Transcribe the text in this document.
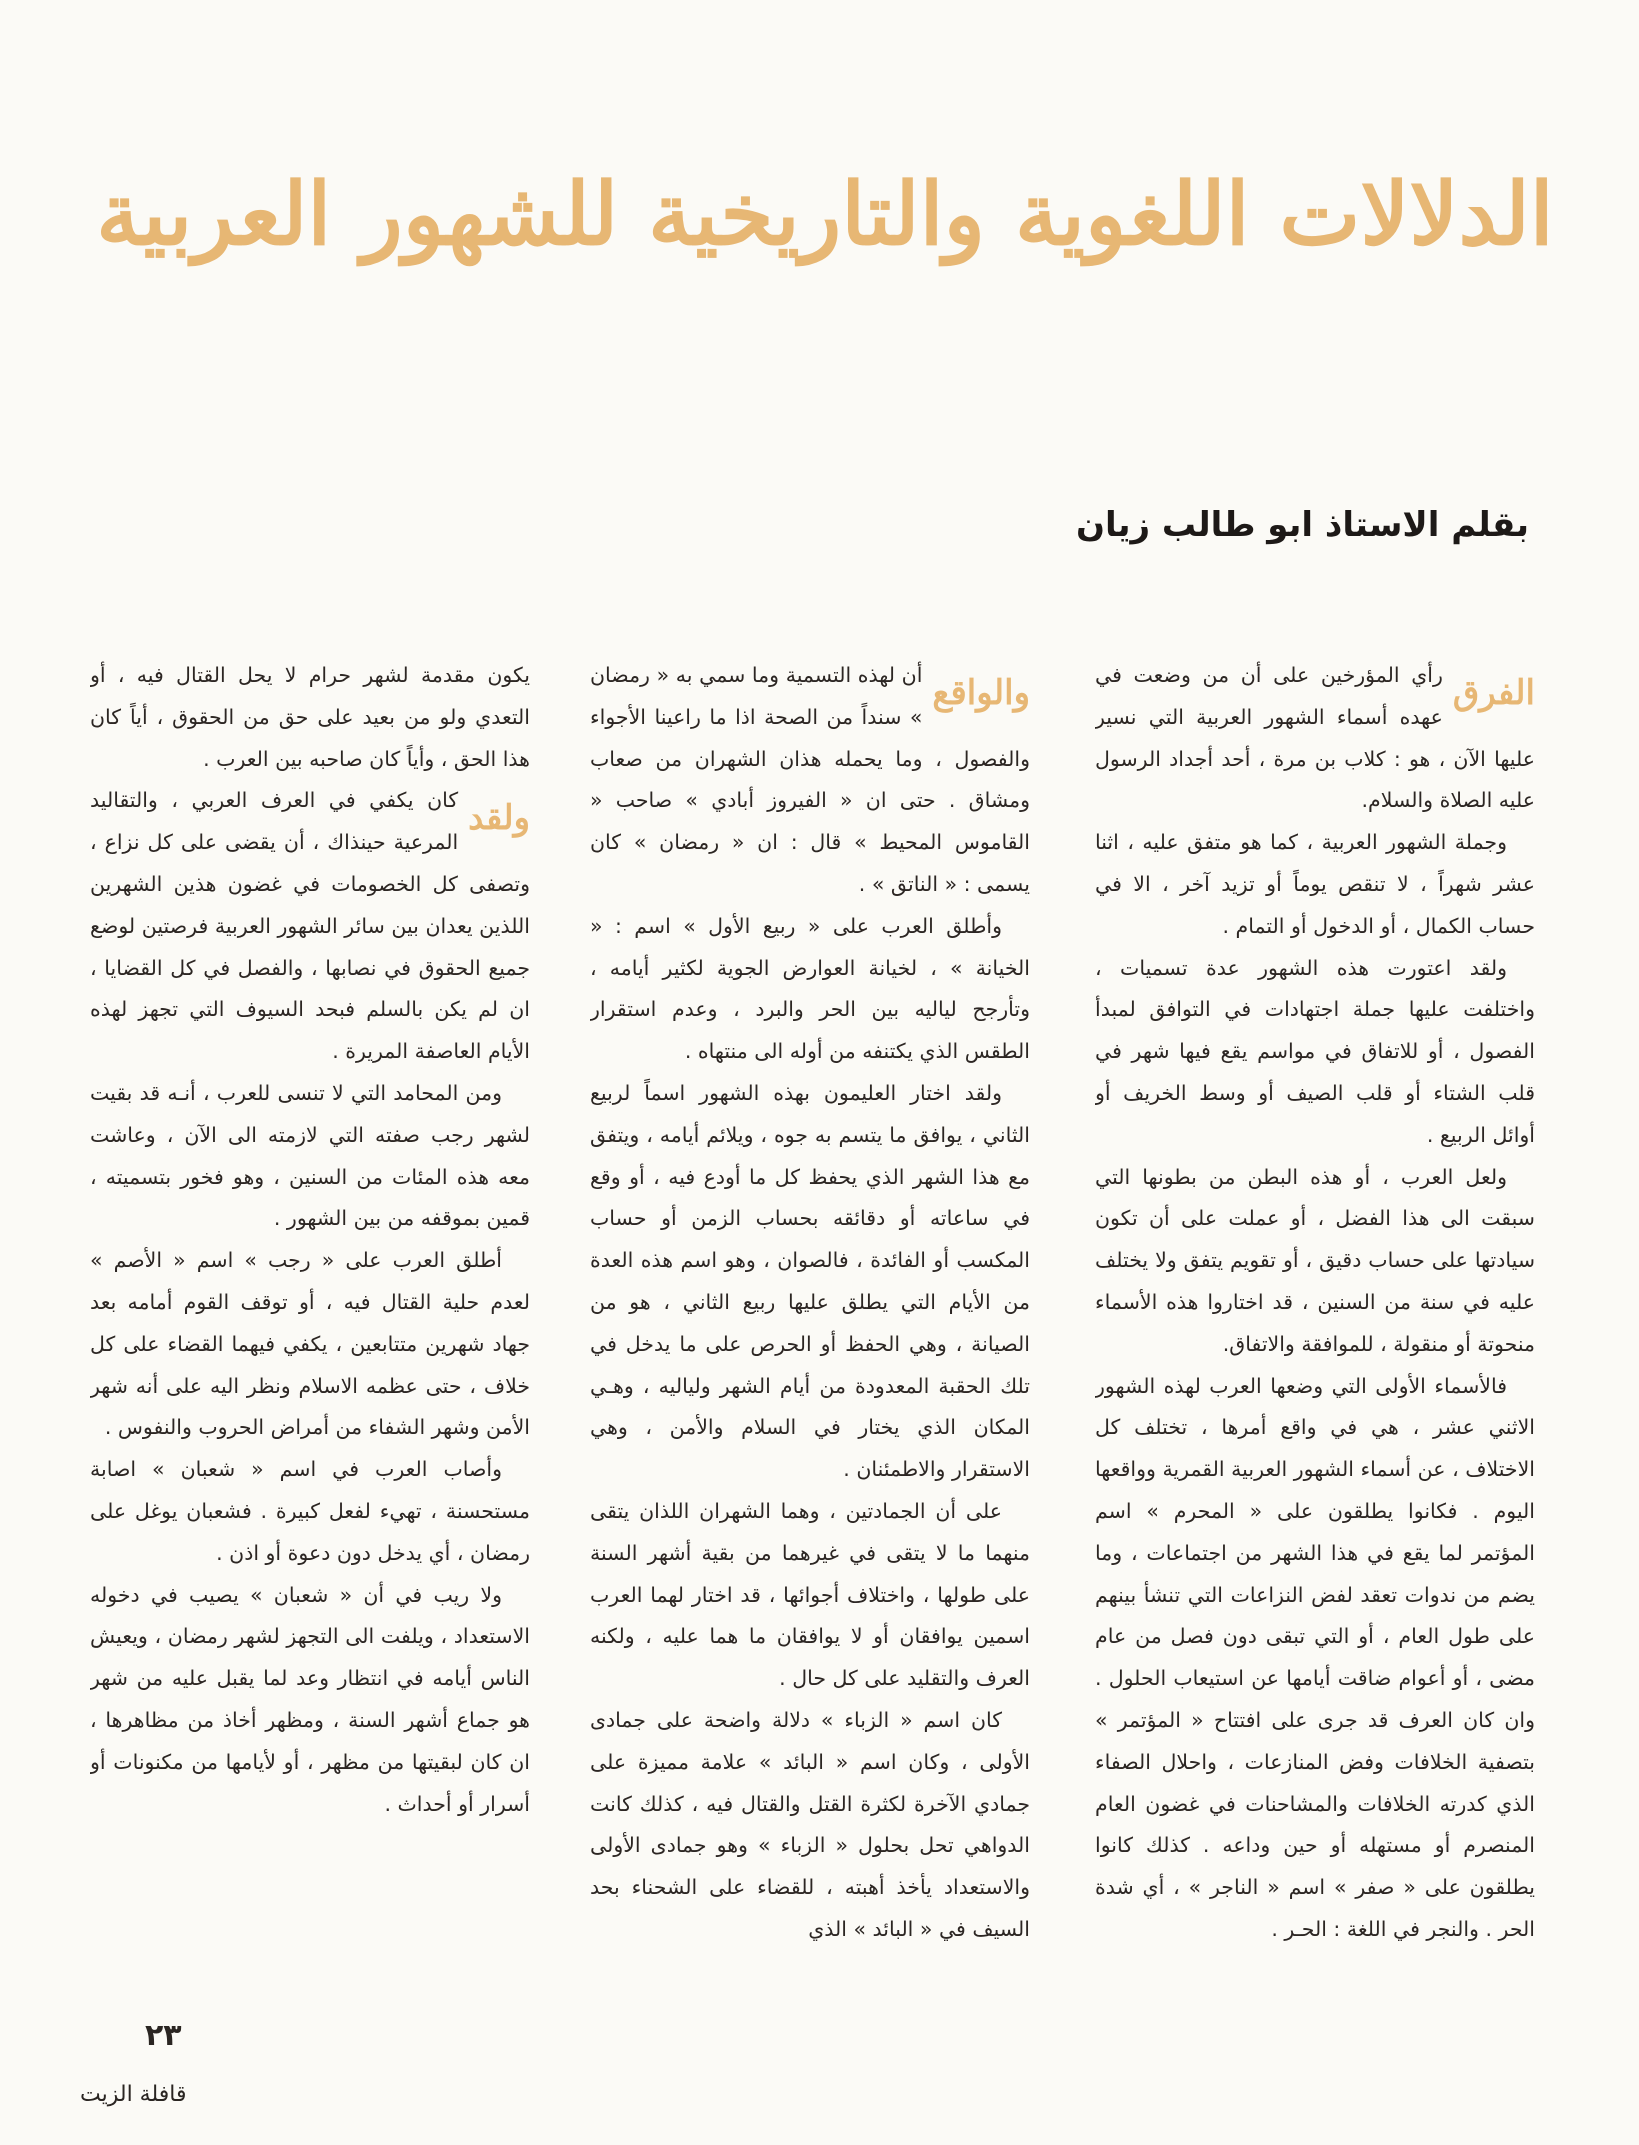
الدلالات اللغوية والتاريخية للشهور العربية
بقلم الاستاذ ابو طالب زيان
الفرق

رأي المؤرخين على أن من وضعت في عهده أسماء الشهور العربية التي نسير عليها الآن ، هو : كلاب بن مرة ، أحد أجداد الرسول عليه الصلاة والسلام.

وجملة الشهور العربية ، كما هو متفق عليه ، اثنا عشر شهراً ، لا تنقص يوماً أو تزيد آخر ، الا في حساب الكمال ، أو الدخول أو التمام .

ولقد اعتورت هذه الشهور عدة تسميات ، واختلفت عليها جملة اجتهادات في التوافق لمبدأ الفصول ، أو للاتفاق في مواسم يقع فيها شهر في قلب الشتاء أو قلب الصيف أو وسط الخريف أو أوائل الربيع .

ولعل العرب ، أو هذه البطن من بطونها التي سبقت الى هذا الفضل ، أو عملت على أن تكون سيادتها على حساب دقيق ، أو تقويم يتفق ولا يختلف عليه في سنة من السنين ، قد اختاروا هذه الأسماء منحوتة أو منقولة ، للموافقة والاتفاق.

فالأسماء الأولى التي وضعها العرب لهذه الشهور الاثني عشر ، هي في واقع أمرها ، تختلف كل الاختلاف ، عن أسماء الشهور العربية القمرية وواقعها اليوم . فكانوا يطلقون على « المحرم » اسم المؤتمر لما يقع في هذا الشهر من اجتماعات ، وما يضم من ندوات تعقد لفض النزاعات التي تنشأ بينهم على طول العام ، أو التي تبقى دون فصل من عام مضى ، أو أعوام ضاقت أيامها عن استيعاب الحلول . وان كان العرف قد جرى على افتتاح « المؤتمر » بتصفية الخلافات وفض المنازعات ، واحلال الصفاء الذي كدرته الخلافات والمشاحنات في غضون العام المنصرم أو مستهله أو حين وداعه . كذلك كانوا يطلقون على « صفر » اسم « الناجر » ، أي شدة الحر . والنجر في اللغة : الحـر .

والواقع

أن لهذه التسمية وما سمي به « رمضان » سنداً من الصحة اذا ما راعينا الأجواء والفصول ، وما يحمله هذان الشهران من صعاب ومشاق . حتى ان « الفيروز أبادي » صاحب « القاموس المحيط » قال : ان « رمضان » كان يسمى : « الناتق » .

وأطلق العرب على « ربيع الأول » اسم : « الخيانة » ، لخيانة العوارض الجوية لكثير أيامه ، وتأرجح لياليه بين الحر والبرد ، وعدم استقرار الطقس الذي يكتنفه من أوله الى منتهاه .

ولقد اختار العليمون بهذه الشهور اسماً لربيع الثاني ، يوافق ما يتسم به جوه ، ويلائم أيامه ، ويتفق مع هذا الشهر الذي يحفظ كل ما أودع فيه ، أو وقع في ساعاته أو دقائقه بحساب الزمن أو حساب المكسب أو الفائدة ، فالصوان ، وهو اسم هذه العدة من الأيام التي يطلق عليها ربيع الثاني ، هو من الصيانة ، وهي الحفظ أو الحرص على ما يدخل في تلك الحقبة المعدودة من أيام الشهر ولياليه ، وهـي المكان الذي يختار في السلام والأمن ، وهي الاستقرار والاطمئنان .

على أن الجمادتين ، وهما الشهران اللذان يتقى منهما ما لا يتقى في غيرهما من بقية أشهر السنة على طولها ، واختلاف أجوائها ، قد اختار لهما العرب اسمين يوافقان أو لا يوافقان ما هما عليه ، ولكنه العرف والتقليد على كل حال .

كان اسم « الزباء » دلالة واضحة على جمادى الأولى ، وكان اسم « البائد » علامة مميزة على جمادي الآخرة لكثرة القتل والقتال فيه ، كذلك كانت الدواهي تحل بحلول « الزباء » وهو جمادى الأولى والاستعداد يأخذ أهبته ، للقضاء على الشحناء بحد السيف في « البائد » الذي

يكون مقدمة لشهر حرام لا يحل القتال فيه ، أو التعدي ولو من بعيد على حق من الحقوق ، أياً كان هذا الحق ، وأياً كان صاحبه بين العرب .

ولقد

كان يكفي في العرف العربي ، والتقاليد المرعية حينذاك ، أن يقضى على كل نزاع ، وتصفى كل الخصومات في غضون هذين الشهرين اللذين يعدان بين سائر الشهور العربية فرصتين لوضع جميع الحقوق في نصابها ، والفصل في كل القضايا ، ان لم يكن بالسلم فبحد السيوف التي تجهز لهذه الأيام العاصفة المريرة .

ومن المحامد التي لا تنسى للعرب ، أنـه قد بقيت لشهر رجب صفته التي لازمته الى الآن ، وعاشت معه هذه المئات من السنين ، وهو فخور بتسميته ، قمين بموقفه من بين الشهور .

أطلق العرب على « رجب » اسم « الأصم » لعدم حلية القتال فيه ، أو توقف القوم أمامه بعد جهاد شهرين متتابعين ، يكفي فيهما القضاء على كل خلاف ، حتى عظمه الاسلام ونظر اليه على أنه شهر الأمن وشهر الشفاء من أمراض الحروب والنفوس .

وأصاب العرب في اسم « شعبان » اصابة مستحسنة ، تهيء لفعل كبيرة . فشعبان يوغل على رمضان ، أي يدخل دون دعوة أو اذن .

ولا ريب في أن « شعبان » يصيب في دخوله الاستعداد ، ويلفت الى التجهز لشهر رمضان ، ويعيش الناس أيامه في انتظار وعد لما يقبل عليه من شهر هو جماع أشهر السنة ، ومظهر أخاذ من مظاهرها ، ان كان لبقيتها من مظهر ، أو لأيامها من مكنونات أو أسرار أو أحداث .

٢٣
قافلة الزيت
